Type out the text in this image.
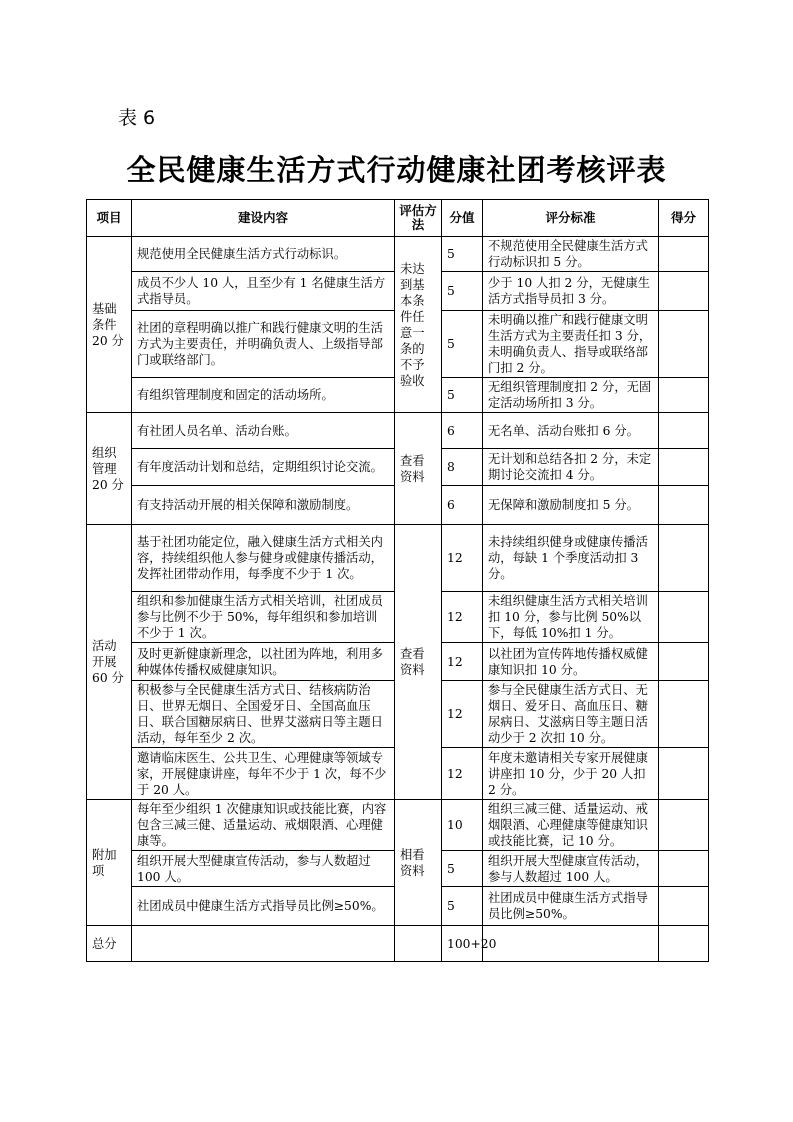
表 6
全民健康生活方式行动健康社团考核评表
项目	建设内容	评估方法	分值	评分标准	得分
基础条件20 分	规范使用全民健康生活方式行动标识。	未达到基本条件任意一条的不予验收	5	不规范使用全民健康生活方式行动标识扣 5 分。	
	成员不少人 10 人，且至少有 1 名健康生活方式指导员。		5	少于 10 人扣 2 分，无健康生活方式指导员扣 3 分。	
	社团的章程明确以推广和践行健康文明的生活方式为主要责任，并明确负责人、上级指导部门或联络部门。		5	未明确以推广和践行健康文明生活方式为主要责任扣 3 分，未明确负责人、指导或联络部门扣 2 分。	
	有组织管理制度和固定的活动场所。		5	无组织管理制度扣 2 分，无固定活动场所扣 3 分。	
组织管理20 分	有社团人员名单、活动台账。	查看资料	6	无名单、活动台账扣 6 分。	
	有年度活动计划和总结，定期组织讨论交流。		8	无计划和总结各扣 2 分，未定期讨论交流扣 4 分。	
	有支持活动开展的相关保障和激励制度。		6	无保障和激励制度扣 5 分。	
活动开展60 分	基于社团功能定位，融入健康生活方式相关内容，持续组织他人参与健身或健康传播活动，发挥社团带动作用，每季度不少于 1 次。	查看资料	12	未持续组织健身或健康传播活动，每缺 1 个季度活动扣 3 分。	
	组织和参加健康生活方式相关培训，社团成员参与比例不少于 50%，每年组织和参加培训不少于 1 次。		12	未组织健康生活方式相关培训扣 10 分，参与比例 50%以下，每低 10%扣 1 分。	
	及时更新健康新理念，以社团为阵地，利用多种媒体传播权威健康知识。		12	以社团为宣传阵地传播权威健康知识扣 10 分。	
	积极参与全民健康生活方式日、结核病防治日、世界无烟日、全国爱牙日、全国高血压日、联合国糖尿病日、世界艾滋病日等主题日活动，每年至少 2 次。		12	参与全民健康生活方式日、无烟日、爱牙日、高血压日、糖尿病日、艾滋病日等主题日活动少于 2 次扣 10 分。	
	邀请临床医生、公共卫生、心理健康等领域专家，开展健康讲座，每年不少于 1 次，每不少于 20 人。		12	年度未邀请相关专家开展健康讲座扣 10 分，少于 20 人扣 2 分。	
附加项	每年至少组织 1 次健康知识或技能比赛，内容包含三减三健、适量运动、戒烟限酒、心理健康等。	相看资料	10	组织三减三健、适量运动、戒烟限酒、心理健康等健康知识或技能比赛，记 10 分。	
	组织开展大型健康宣传活动，参与人数超过 100 人。		5	组织开展大型健康宣传活动，参与人数超过 100 人。	
	社团成员中健康生活方式指导员比例≥50%。		5	社团成员中健康生活方式指导员比例≥50%。	
总分			100+20		
